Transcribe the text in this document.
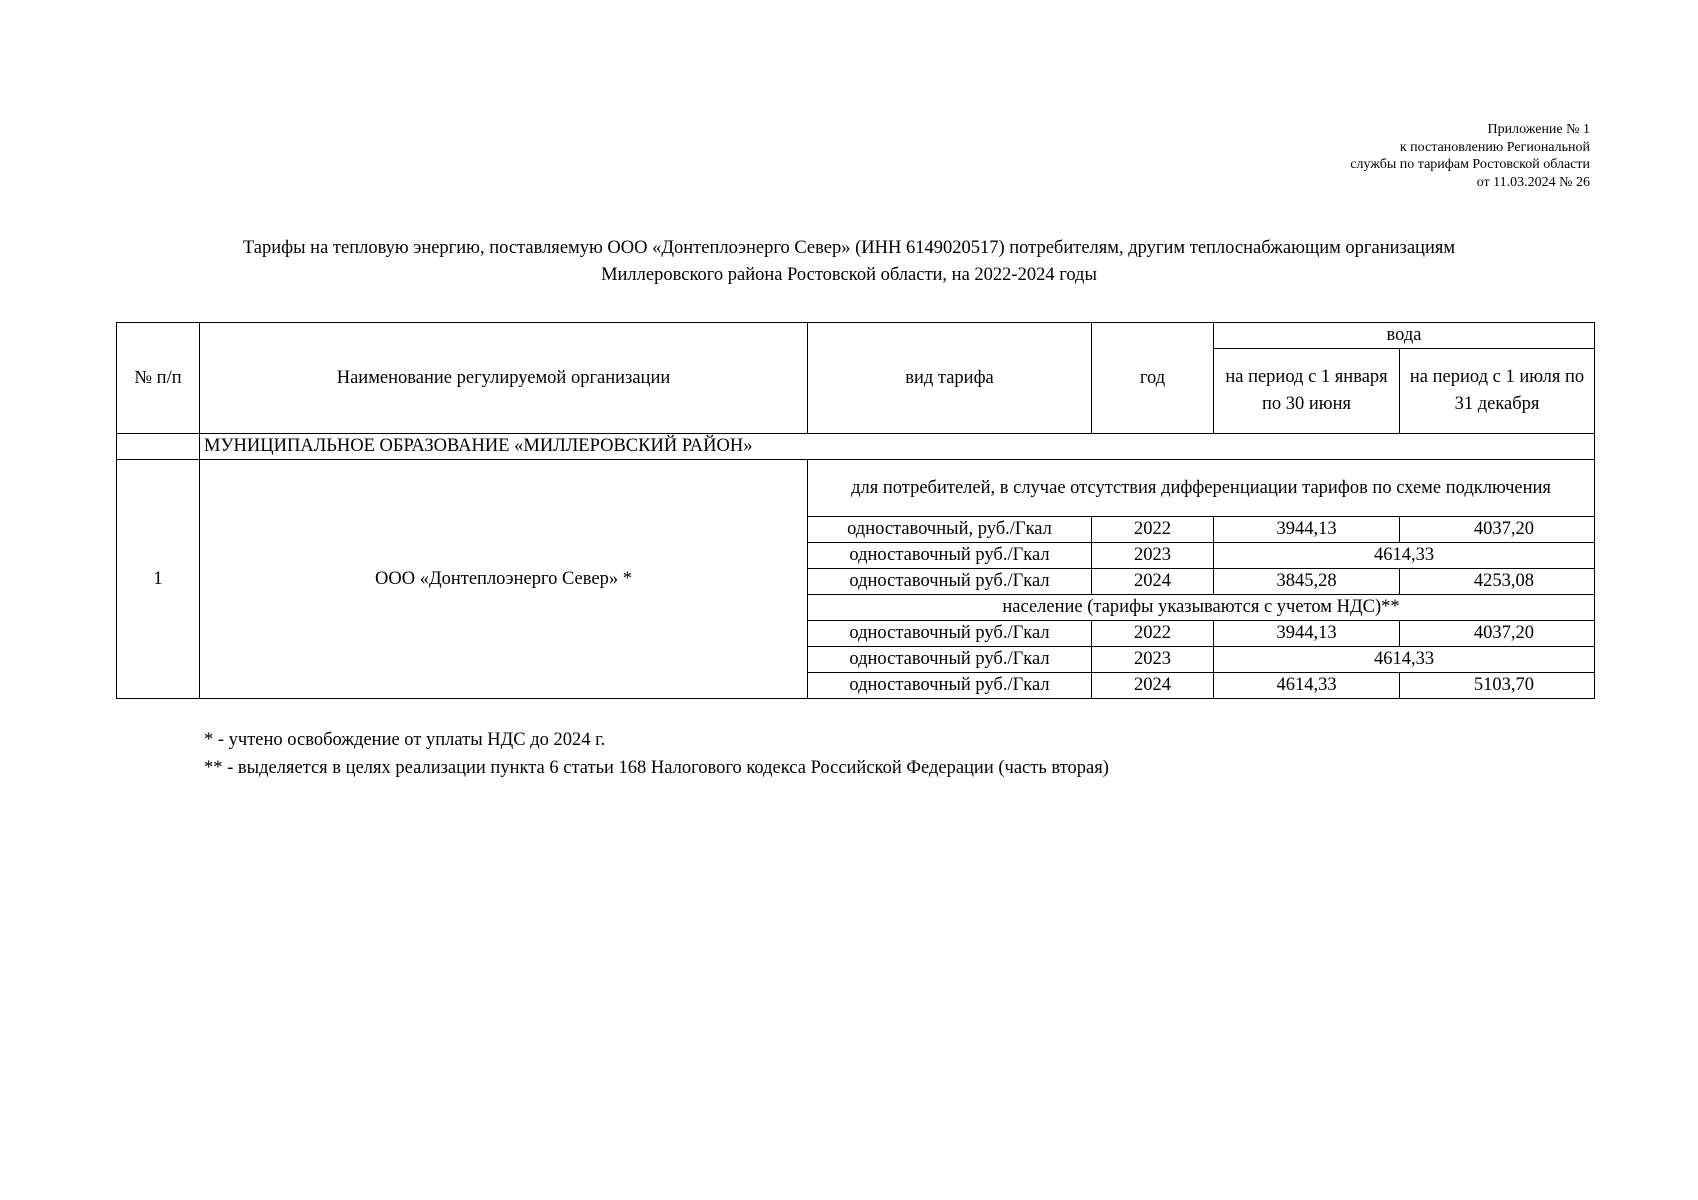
Приложение № 1
к постановлению Региональной
службы по тарифам Ростовской области
от 11.03.2024 № 26
Тарифы на тепловую энергию, поставляемую ООО «Донтеплоэнерго Север» (ИНН 6149020517) потребителям, другим теплоснабжающим организациям
Миллеровского района Ростовской области, на 2022-2024 годы
№ п/п	Наименование регулируемой организации	вид тарифа	год	вода	
				на период с 1 января по 30 июня	на период с 1 июля по 31 декабря
	МУНИЦИПАЛЬНОЕ ОБРАЗОВАНИЕ «МИЛЛЕРОВСКИЙ РАЙОН»				
1	ООО «Донтеплоэнерго Север» *	для потребителей, в случае отсутствия дифференциации тарифов по схеме подключения			
		одноставочный, руб./Гкал	2022	3944,13	4037,20
		одноставочный руб./Гкал	2023	4614,33	
		одноставочный руб./Гкал	2024	3845,28	4253,08
		население (тарифы указываются с учетом НДС)**			
		одноставочный руб./Гкал	2022	3944,13	4037,20
		одноставочный руб./Гкал	2023	4614,33	
		одноставочный руб./Гкал	2024	4614,33	5103,70
* - учтено освобождение от уплаты НДС до 2024 г.
** - выделяется в целях реализации пункта 6 статьи 168 Налогового кодекса Российской Федерации (часть вторая)
